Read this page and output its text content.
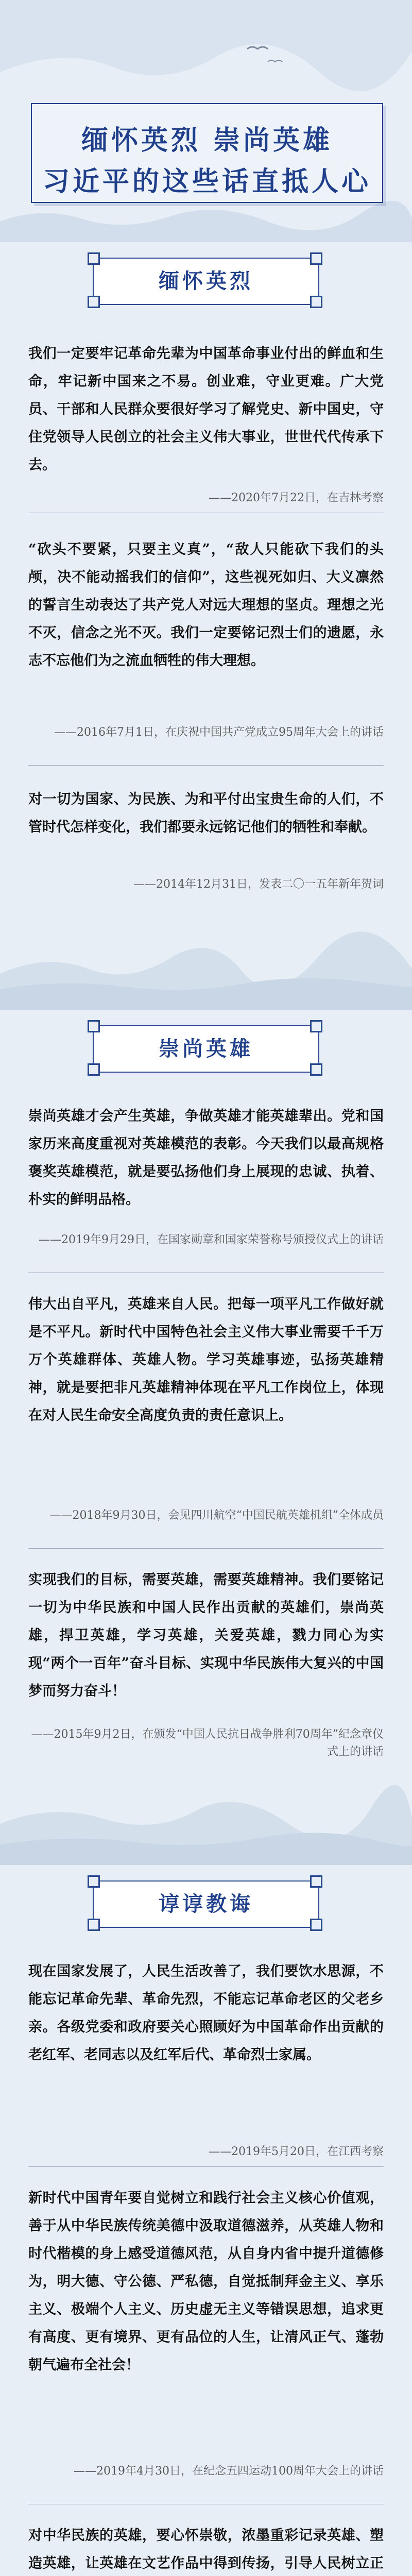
缅怀英烈 崇尚英雄
习近平的这些话直抵人心
缅怀英烈
我们一定要牢记革命先辈为中国革命事业付出的鲜血和生命，牢记新中国来之不易。创业难，守业更难。广大党员、干部和人民群众要很好学习了解党史、新中国史，守住党领导人民创立的社会主义伟大事业，世世代代传承下去。
——2020年7月22日，在吉林考察
“砍头不要紧，只要主义真”，“敌人只能砍下我们的头颅，决不能动摇我们的信仰”，这些视死如归、大义凛然的誓言生动表达了共产党人对远大理想的坚贞。理想之光不灭，信念之光不灭。我们一定要铭记烈士们的遗愿，永志不忘他们为之流血牺牲的伟大理想。
——2016年7月1日，在庆祝中国共产党成立95周年大会上的讲话
对一切为国家、为民族、为和平付出宝贵生命的人们，不管时代怎样变化，我们都要永远铭记他们的牺牲和奉献。
——2014年12月31日，发表二〇一五年新年贺词
崇尚英雄
崇尚英雄才会产生英雄，争做英雄才能英雄辈出。党和国家历来高度重视对英雄模范的表彰。今天我们以最高规格褒奖英雄模范，就是要弘扬他们身上展现的忠诚、执着、朴实的鲜明品格。
——2019年9月29日，在国家勋章和国家荣誉称号颁授仪式上的讲话
伟大出自平凡，英雄来自人民。把每一项平凡工作做好就是不平凡。新时代中国特色社会主义伟大事业需要千千万万个英雄群体、英雄人物。学习英雄事迹，弘扬英雄精神，就是要把非凡英雄精神体现在平凡工作岗位上，体现在对人民生命安全高度负责的责任意识上。
——2018年9月30日，会见四川航空“中国民航英雄机组”全体成员
实现我们的目标，需要英雄，需要英雄精神。我们要铭记一切为中华民族和中国人民作出贡献的英雄们，崇尚英雄，捍卫英雄，学习英雄，关爱英雄，戮力同心为实现“两个一百年”奋斗目标、实现中华民族伟大复兴的中国梦而努力奋斗！
——2015年9月2日，在颁发“中国人民抗日战争胜利70周年”纪念章仪式上的讲话
谆谆教诲
现在国家发展了，人民生活改善了，我们要饮水思源，不能忘记革命先辈、革命先烈，不能忘记革命老区的父老乡亲。各级党委和政府要关心照顾好为中国革命作出贡献的老红军、老同志以及红军后代、革命烈士家属。
——2019年5月20日，在江西考察
新时代中国青年要自觉树立和践行社会主义核心价值观，善于从中华民族传统美德中汲取道德滋养，从英雄人物和时代楷模的身上感受道德风范，从自身内省中提升道德修为，明大德、守公德、严私德，自觉抵制拜金主义、享乐主义、极端个人主义、历史虚无主义等错误思想，追求更有高度、更有境界、更有品位的人生，让清风正气、蓬勃朝气遍布全社会！
——2019年4月30日，在纪念五四运动100周年大会上的讲话
对中华民族的英雄，要心怀崇敬，浓墨重彩记录英雄、塑造英雄，让英雄在文艺作品中得到传扬，引导人民树立正
